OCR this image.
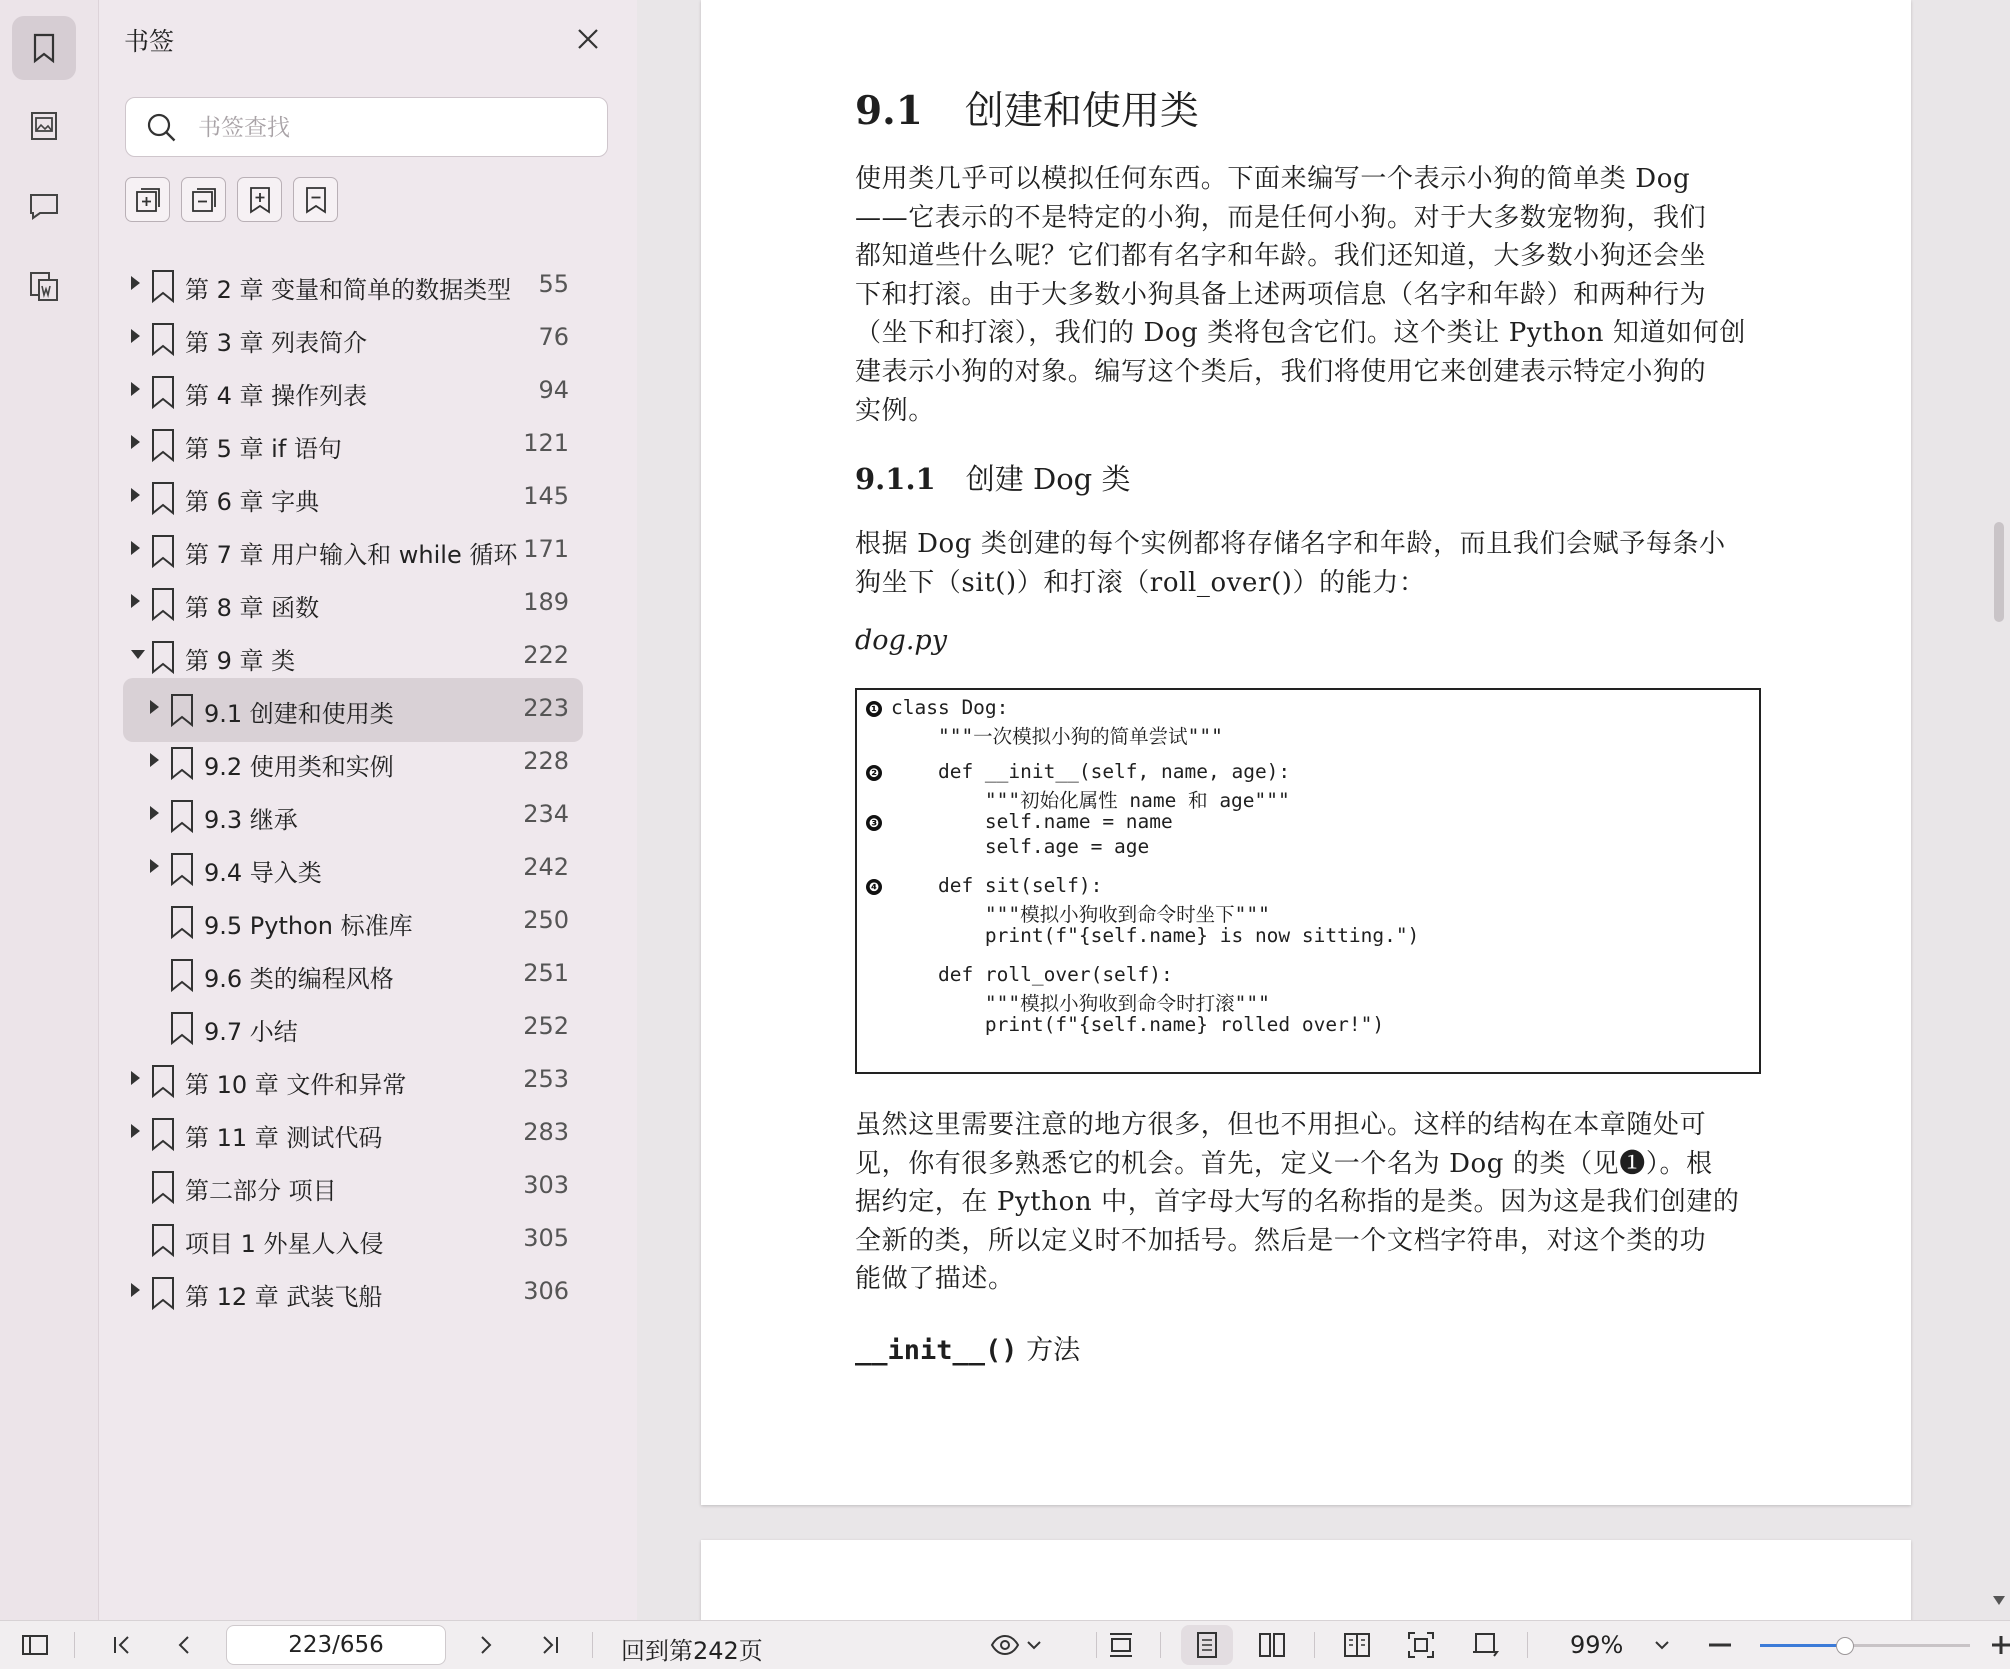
书签
书签查找
第 2 章 变量和简单的数据类型 55
第 3 章 列表简介	76
第 4 章 操作列表	94
第 5 章 if 语句	121
第 6 章 字典	145
第 7 章 用户输入和 while 循环 171
第 8 章 函数	189
第 9 章 类	222
9.1 创建和使用类	223
9.2 使用类和实例	228
9.3 继承	234
9.4 导入类	242
9.5 Python 标准库	250
9.6 类的编程风格	251
9.7 小结	252
第 10 章 文件和异常	253
第 11 章 测试代码	283
第二部分 项目	303
项目 1 外星人入侵	305
第 12 章 武装飞船	306
9.1 创建和使用类
使用类几乎可以模拟任何东西。下面来编写一个表示小狗的简单类 Dog
——它表示的不是特定的小狗，而是任何小狗。对于大多数宠物狗，我们
都知道些什么呢？它们都有名字和年龄。我们还知道，大多数小狗还会坐
下和打滚。由于大多数小狗具备上述两项信息（名字和年龄）和两种行为
（坐下和打滚），我们的 Dog 类将包含它们。这个类让 Python 知道如何创
建表示小狗的对象。编写这个类后，我们将使用它来创建表示特定小狗的
实例。
9.1.1 创建 Dog 类
根据 Dog 类创建的每个实例都将存储名字和年龄，而且我们会赋予每条小
狗坐下（sit()）和打滚（roll_over()）的能力：
dog.py
❶ class Dog:
"""一次模拟小狗的简单尝试"""
❷ def __init__(self, name, age):
"""初始化属性 name 和 age"""
❸ self.name = name
self.age = age
❹ def sit(self):
"""模拟小狗收到命令时坐下"""
print(f"{self.name} is now sitting.")
def roll_over(self):
"""模拟小狗收到命令时打滚"""
print(f"{self.name} rolled over!")
虽然这里需要注意的地方很多，但也不用担心。这样的结构在本章随处可
见，你有很多熟悉它的机会。首先，定义一个名为 Dog 的类（见❶）。根
据约定，在 Python 中，首字母大写的名称指的是类。因为这是我们创建的
全新的类，所以定义时不加括号。然后是一个文档字符串，对这个类的功
能做了描述。
__init__() 方法
223/656	回到第242页	99%
